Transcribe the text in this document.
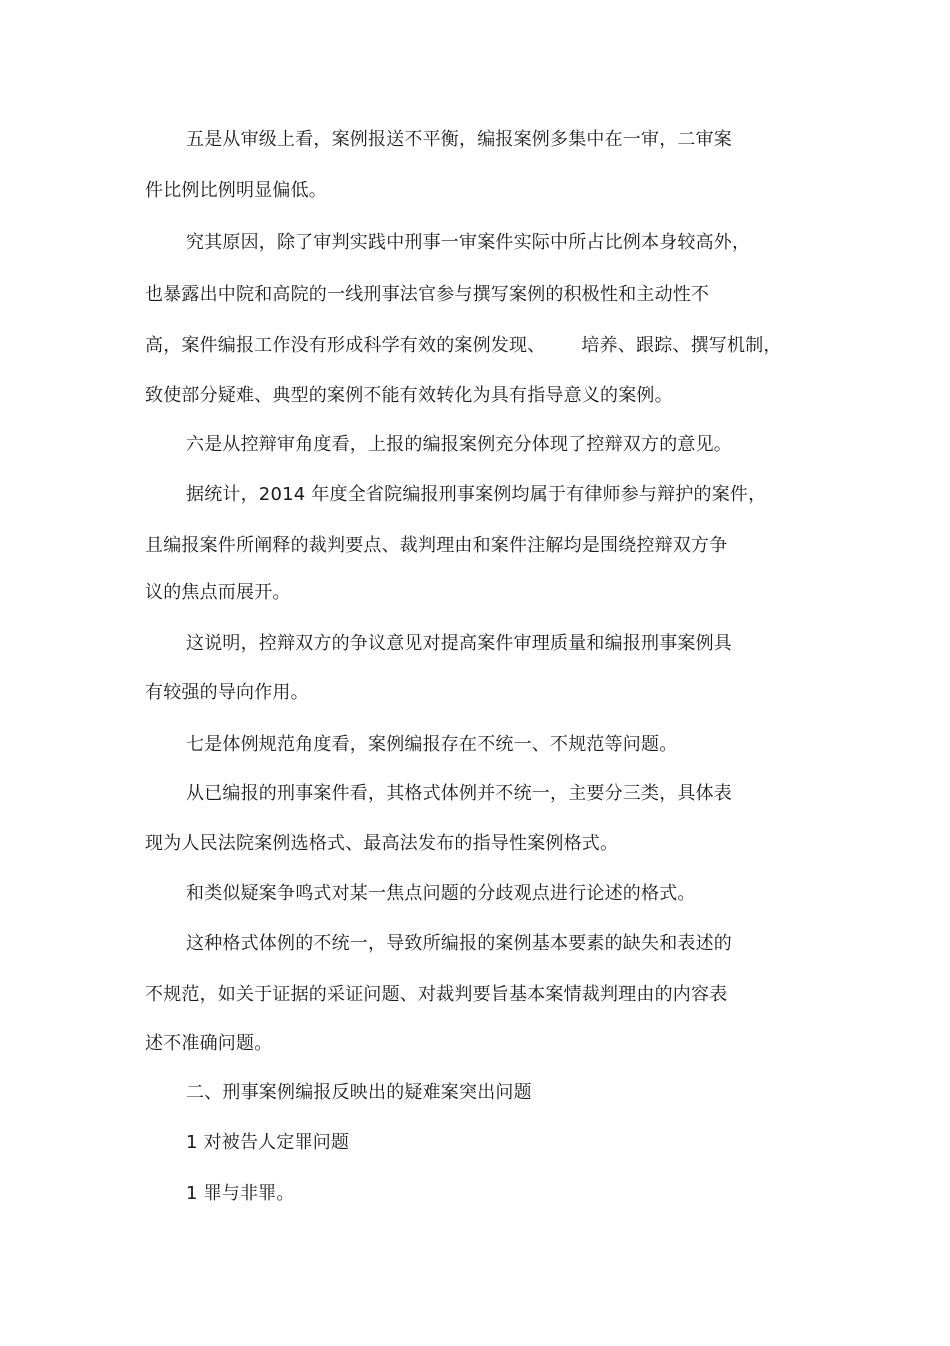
五是从审级上看，案例报送不平衡，编报案例多集中在一审，二审案
件比例比例明显偏低。
究其原因，除了审判实践中刑事一审案件实际中所占比例本身较高外，
也暴露出中院和高院的一线刑事法官参与撰写案例的积极性和主动性不
高，案件编报工作没有形成科学有效的案例发现、 培养、跟踪、撰写机制，
致使部分疑难、典型的案例不能有效转化为具有指导意义的案例。
六是从控辩审角度看，上报的编报案例充分体现了控辩双方的意见。
据统计，2014 年度全省院编报刑事案例均属于有律师参与辩护的案件，
且编报案件所阐释的裁判要点、裁判理由和案件注解均是围绕控辩双方争
议的焦点而展开。
这说明，控辩双方的争议意见对提高案件审理质量和编报刑事案例具
有较强的导向作用。
七是体例规范角度看，案例编报存在不统一、不规范等问题。
从已编报的刑事案件看，其格式体例并不统一，主要分三类，具体表
现为人民法院案例选格式、最高法发布的指导性案例格式。
和类似疑案争鸣式对某一焦点问题的分歧观点进行论述的格式。
这种格式体例的不统一，导致所编报的案例基本要素的缺失和表述的
不规范，如关于证据的采证问题、对裁判要旨基本案情裁判理由的内容表
述不准确问题。
二、刑事案例编报反映出的疑难案突出问题
1 对被告人定罪问题
1 罪与非罪。
